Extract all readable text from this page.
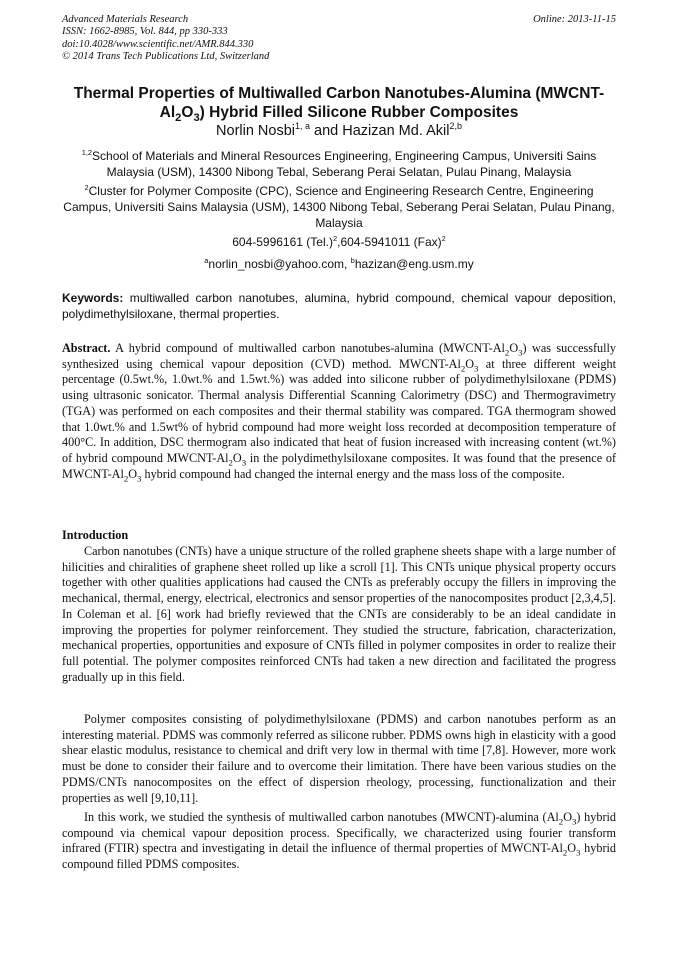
Advanced Materials Research
ISSN: 1662-8985, Vol. 844, pp 330-333
doi:10.4028/www.scientific.net/AMR.844.330
© 2014 Trans Tech Publications Ltd, Switzerland
Online: 2013-11-15
Thermal Properties of Multiwalled Carbon Nanotubes-Alumina (MWCNT-
$Al_2O_3$) Hybrid Filled Silicone Rubber Composites
Norlin Nosbi$^{1, a}$ and Hazizan Md. Akil$^{2,b}$
$^{1,2}$School of Materials and Mineral Resources Engineering, Engineering Campus, Universiti Sains Malaysia (USM), 14300 Nibong Tebal, Seberang Perai Selatan, Pulau Pinang, Malaysia
$^2$Cluster for Polymer Composite (CPC), Science and Engineering Research Centre, Engineering Campus, Universiti Sains Malaysia (USM), 14300 Nibong Tebal, Seberang Perai Selatan, Pulau Pinang, Malaysia
604-5996161 $(Tel.)^2,604-5941011$ (Fax)$^2$
$^a$norlin_nosbi@yahoo.com, $^b$hazizan@eng.usm.my
Keywords: multiwalled carbon nanotubes, alumina, hybrid compound, chemical vapour deposition, polydimethylsiloxane, thermal properties.
Abstract. A hybrid compound of multiwalled carbon nanotubes-alumina $(MWCNT-Al_2O_3)$ was successfully synthesized using chemical vapour deposition (CVD) method. MWCNT-$Al_2O_3$ at three different weight percentage (0.5wt.%, 1.0wt.% and 1.5wt.%) was added into silicone rubber of polydimethylsiloxane (PDMS) using ultrasonic sonicator. Thermal analysis Differential Scanning Calorimetry (DSC) and Thermogravimetry (TGA) was performed on each composites and their thermal stability was compared. TGA thermogram showed that 1.0wt.% and 1.5wt% of hybrid compound had more weight loss recorded at decomposition temperature of 400°C. In addition, DSC thermogram also indicated that heat of fusion increased with increasing content (wt.%) of hybrid compound MWCNT-$Al_2O_3$ in the polydimethylsiloxane composites. It was found that the presence of MWCNT-$Al_2O_3$ hybrid compound had changed the internal energy and the mass loss of the composite.
Introduction

Carbon nanotubes (CNTs) have a unique structure of the rolled graphene sheets shape with a large number of hilicities and chiralities of graphene sheet rolled up like a scroll [1]. This CNTs unique physical property occurs together with other qualities applications had caused the CNTs as preferably occupy the fillers in improving the mechanical, thermal, energy, electrical, electronics and sensor properties of the nanocomposites product [2,3,4,5]. In Coleman et al. [6] work had briefly reviewed that the CNTs are considerably to be an ideal candidate in improving the properties for polymer reinforcement. They studied the structure, fabrication, characterization, mechanical properties, opportunities and exposure of CNTs filled in polymer composites in order to realize their full potential. The polymer composites reinforced CNTs had taken a new direction and facilitated the progress gradually up in this field.

Polymer composites consisting of polydimethylsiloxane (PDMS) and carbon nanotubes perform as an interesting material. PDMS was commonly referred as silicone rubber. PDMS owns high in elasticity with a good shear elastic modulus, resistance to chemical and drift very low in thermal with time [7,8]. However, more work must be done to consider their failure and to overcome their limitation. There have been various studies on the PDMS/CNTs nanocomposites on the effect of dispersion rheology, processing, functionalization and their properties as well [9,10,11].

In this work, we studied the synthesis of multiwalled carbon nanotubes (MWCNT)-alumina $(Al_2O_3)$ hybrid compound via chemical vapour deposition process. Specifically, we characterized using fourier transform infrared (FTIR) spectra and investigating in detail the influence of thermal properties of MWCNT-$Al_2O_3$ hybrid compound filled PDMS composites.
